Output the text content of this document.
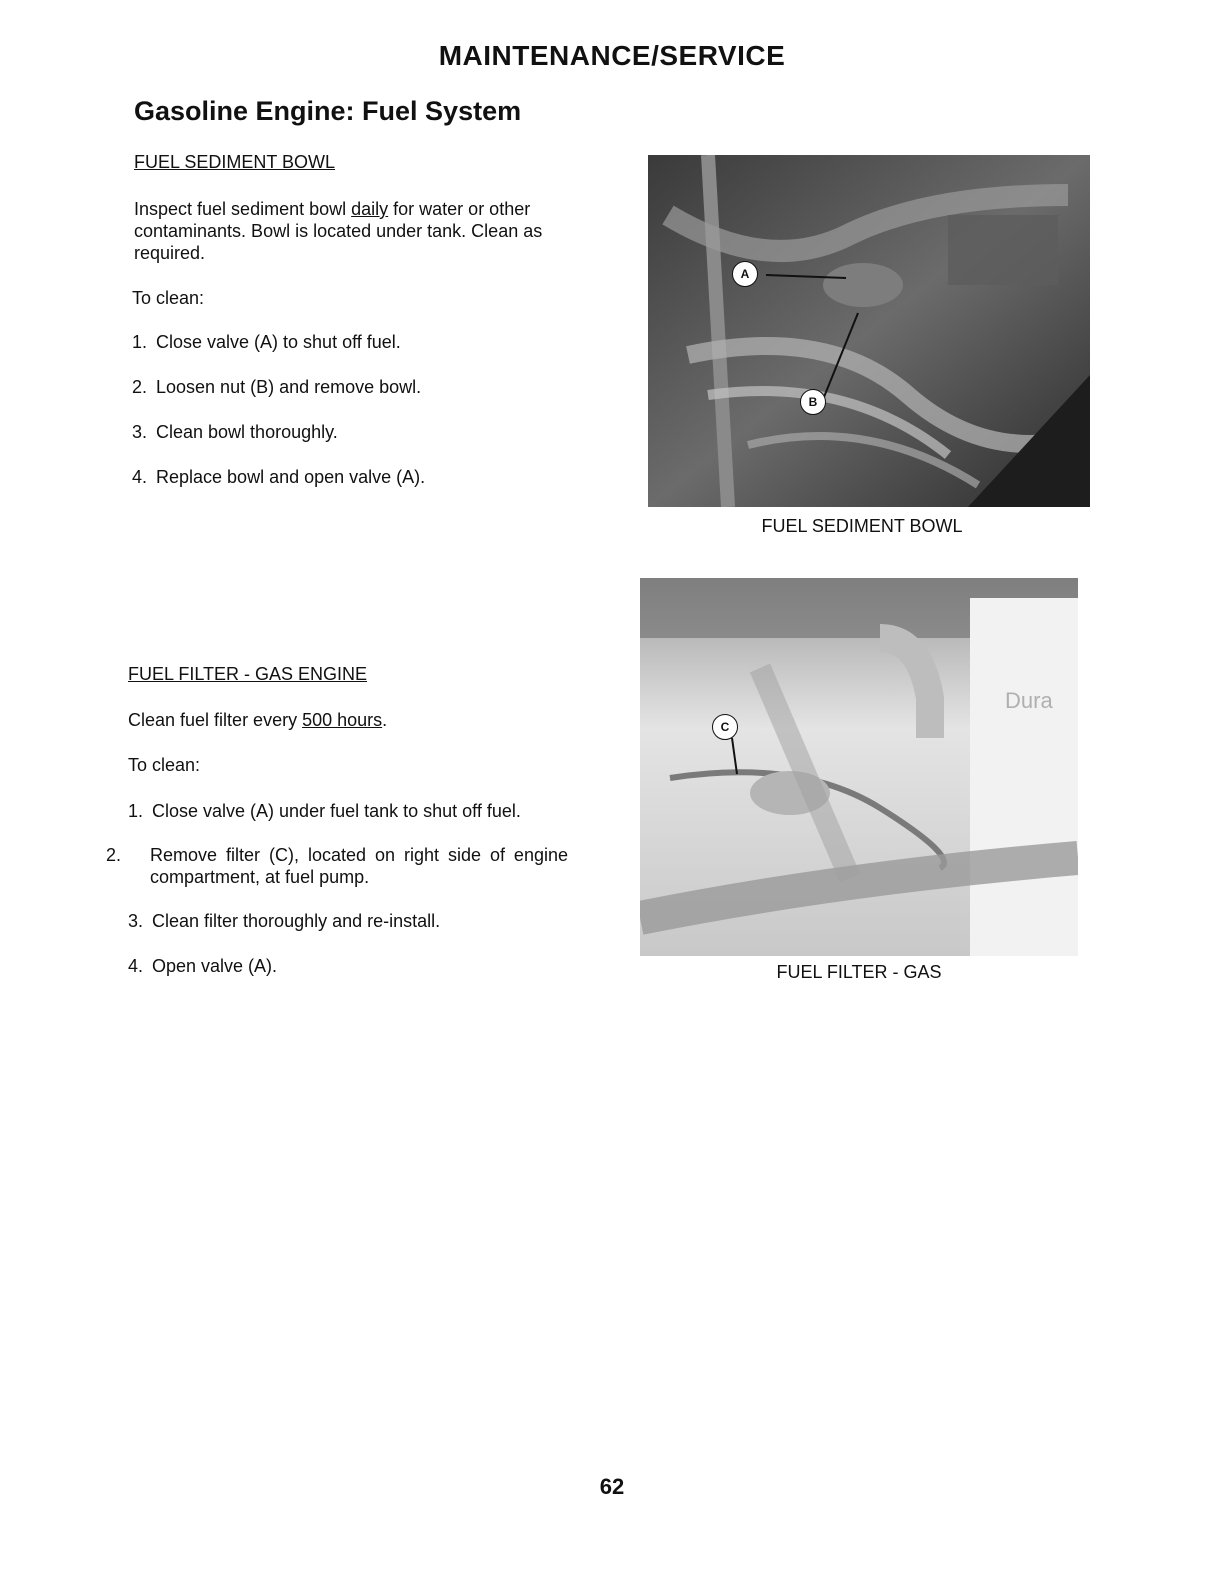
MAINTENANCE/SERVICE
Gasoline Engine: Fuel System
FUEL SEDIMENT BOWL
Inspect fuel sediment bowl daily for water or other contaminants. Bowl is located under tank. Clean as required.
To clean:
1. Close valve (A) to shut off fuel.
2. Loosen nut (B) and remove bowl.
3. Clean bowl thoroughly.
4. Replace bowl and open valve (A).
A
B
FUEL SEDIMENT BOWL
FUEL FILTER - GAS ENGINE
Clean fuel filter every 500 hours.
To clean:
1. Close valve (A) under fuel tank to shut off fuel.
2. Remove filter (C), located on right side of engine compartment, at fuel pump.
3. Clean filter thoroughly and re-install.
4. Open valve (A).
Dura
C
FUEL FILTER - GAS
62
